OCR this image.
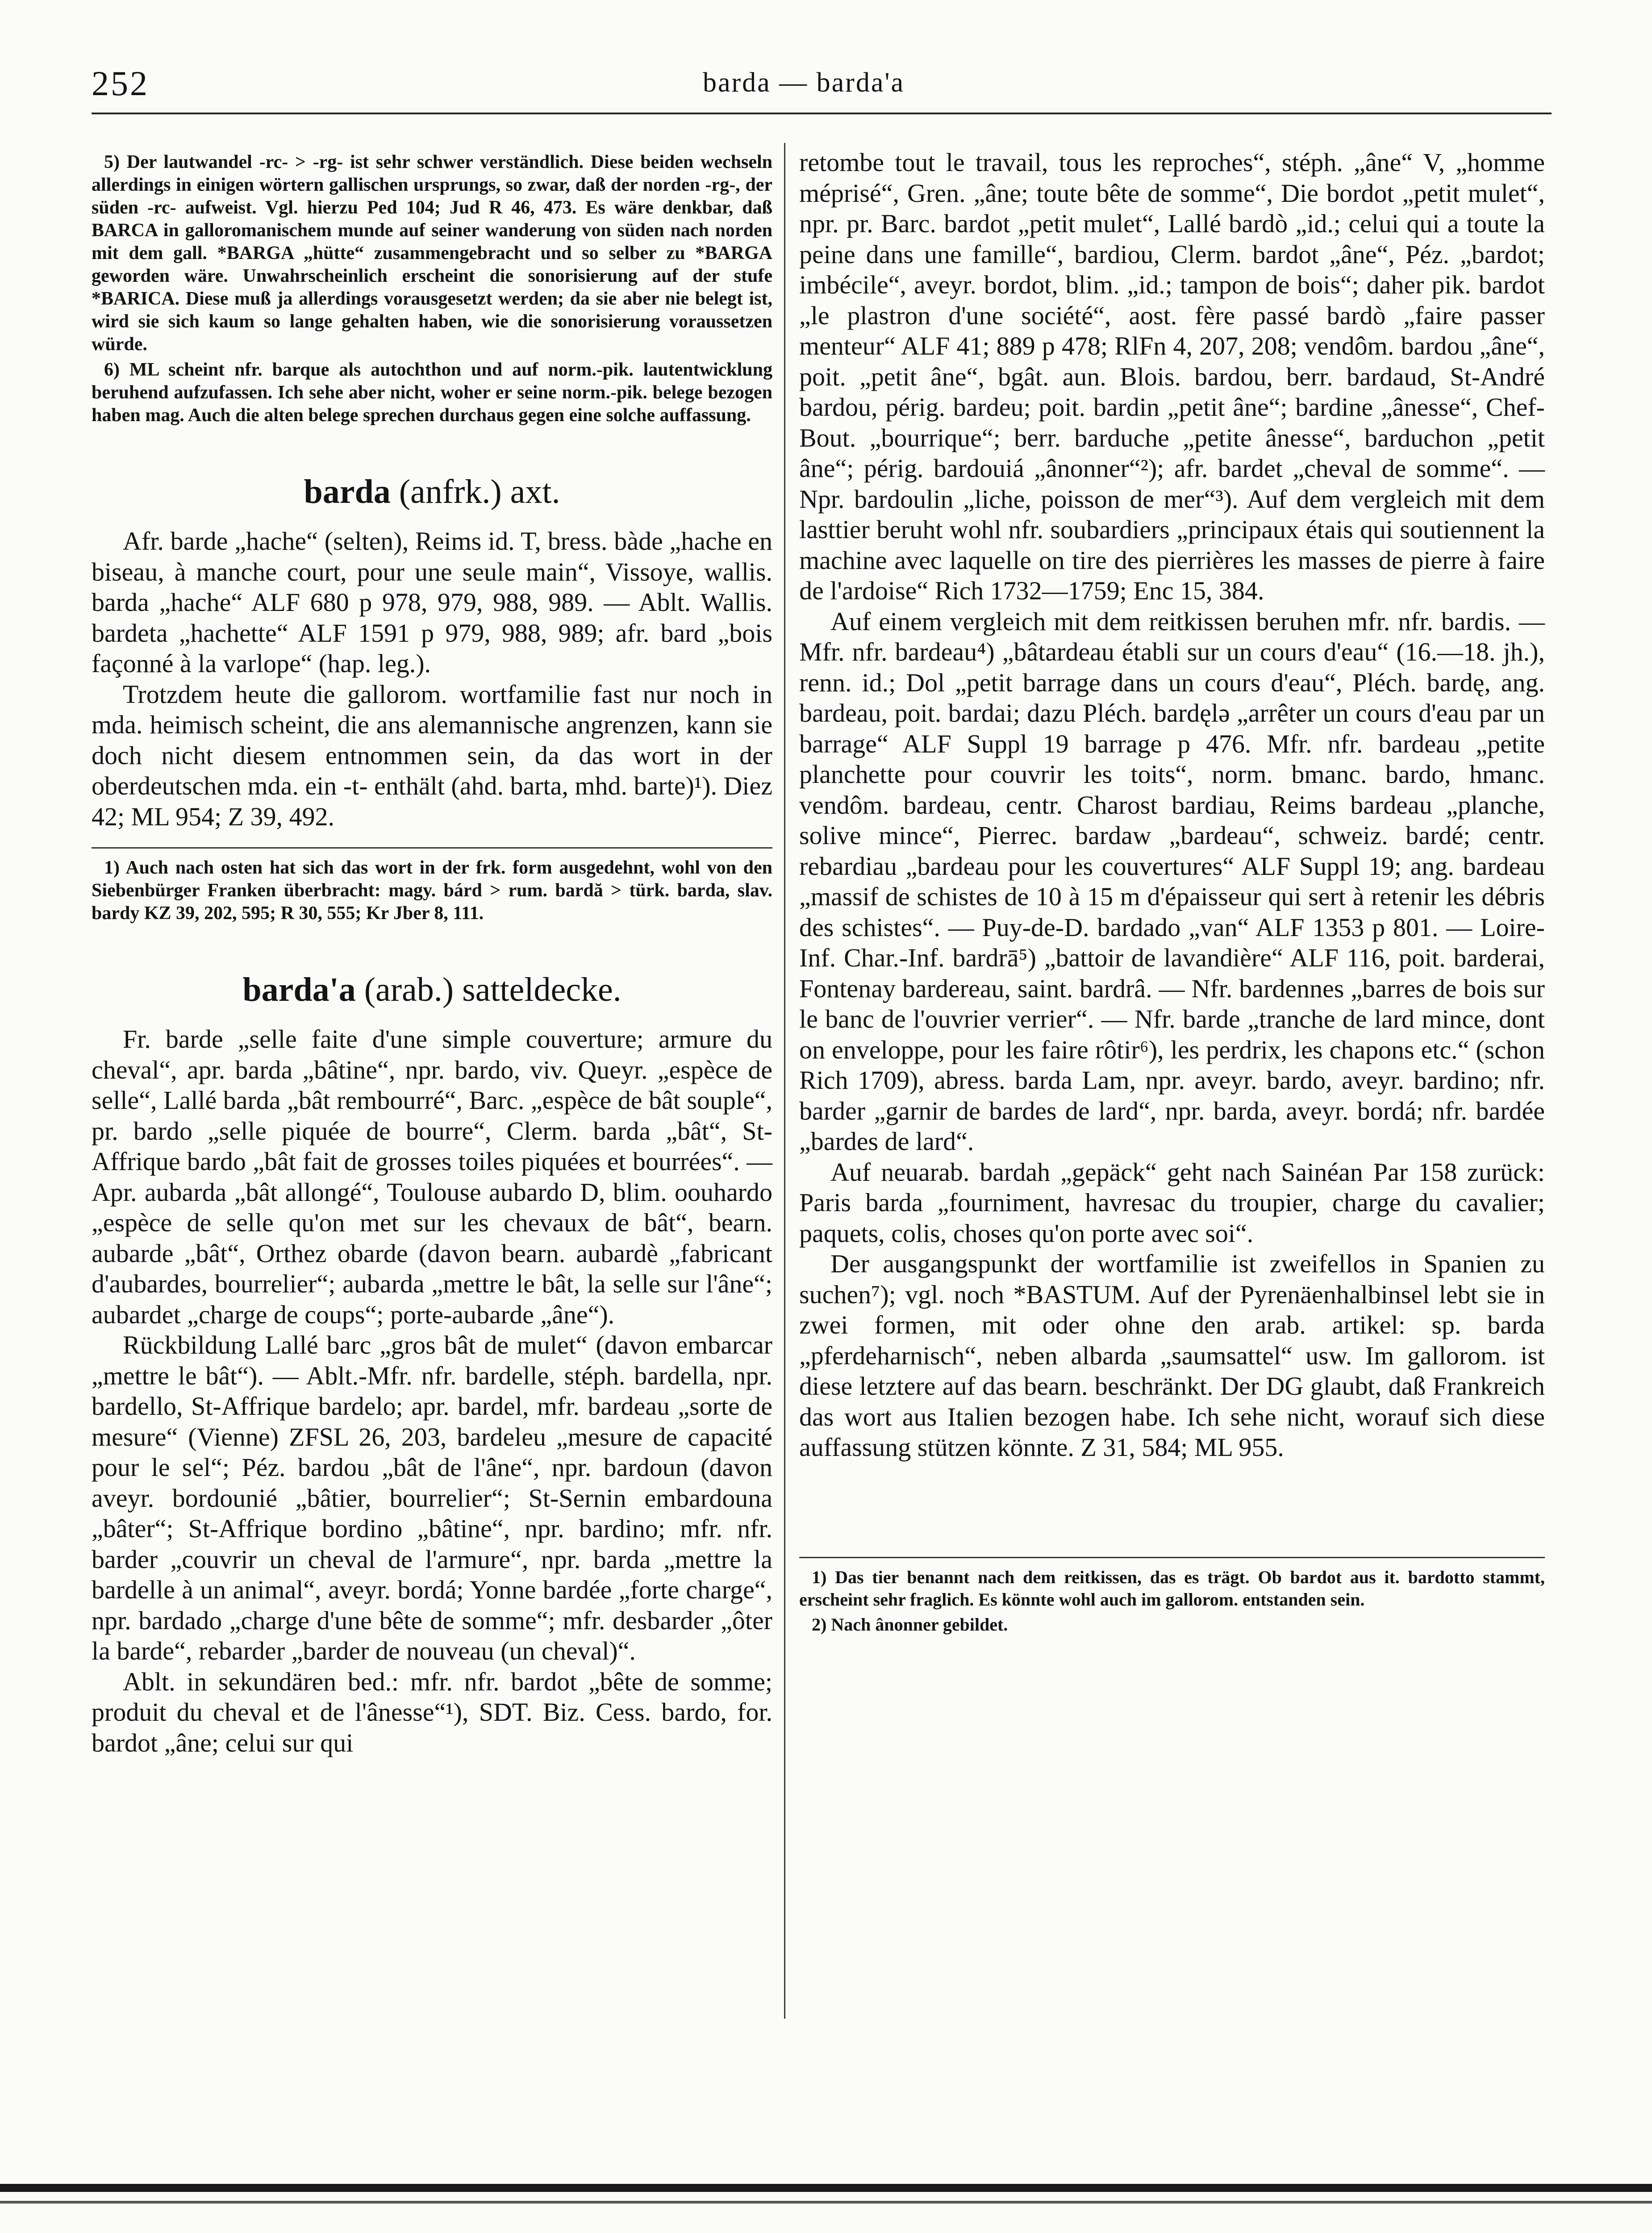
252	barda — barda'a

5) Der lautwandel -rc- > -rg- ist sehr schwer verständlich. Diese beiden wechseln allerdings in einigen wörtern gallischen ursprungs, so zwar, daß der norden -rg-, der süden -rc- aufweist. Vgl. hierzu Ped 104; Jud R 46, 473. Es wäre denkbar, daß BARCA in galloromanischem munde auf seiner wanderung von süden nach norden mit dem gall. *BARGA „hütte“ zusammengebracht und so selber zu *BARGA geworden wäre. Unwahrscheinlich erscheint die sonorisierung auf der stufe *BARICA. Diese muß ja allerdings vorausgesetzt werden; da sie aber nie belegt ist, wird sie sich kaum so lange gehalten haben, wie die sonorisierung voraussetzen würde.

6) ML scheint nfr. barque als autochthon und auf norm.-pik. lautentwicklung beruhend aufzufassen. Ich sehe aber nicht, woher er seine norm.-pik. belege bezogen haben mag. Auch die alten belege sprechen durchaus gegen eine solche auffassung.

barda (anfrk.) axt.

Afr. barde „hache“ (selten), Reims id. T, bress. bàde „hache en biseau, à manche court, pour une seule main“, Vissoye, wallis. barda „hache“ ALF 680 p 978, 979, 988, 989. — Ablt. Wallis. bardeta „hachette“ ALF 1591 p 979, 988, 989; afr. bard „bois façonné à la varlope“ (hap. leg.).

Trotzdem heute die gallorom. wortfamilie fast nur noch in mda. heimisch scheint, die ans alemannische angrenzen, kann sie doch nicht diesem entnommen sein, da das wort in der oberdeutschen mda. ein -t- enthält (ahd. barta, mhd. barte)¹). Diez 42; ML 954; Z 39, 492.

1) Auch nach osten hat sich das wort in der frk. form ausgedehnt, wohl von den Siebenbürger Franken überbracht: magy. bárd > rum. bardă > türk. barda, slav. bardy KZ 39, 202, 595; R 30, 555; Kr Jber 8, 111.

barda'a (arab.) satteldecke.

Fr. barde „selle faite d'une simple couverture; armure du cheval“, apr. barda „bâtine“, npr. bardo, viv. Queyr. „espèce de selle“, Lallé barda „bât rembourré“, Barc. „espèce de bât souple“, pr. bardo „selle piquée de bourre“, Clerm. barda „bât“, St-Affrique bardo „bât fait de grosses toiles piquées et bourrées“. — Apr. aubarda „bât allongé“, Toulouse aubardo D, blim. oouhardo „espèce de selle qu'on met sur les chevaux de bât“, bearn. aubarde „bât“, Orthez obarde (davon bearn. aubardè „fabricant d'aubardes, bourrelier“; aubarda „mettre le bât, la selle sur l'âne“; aubardet „charge de coups“; porte-aubarde „âne“).

Rückbildung Lallé barc „gros bât de mulet“ (davon embarcar „mettre le bât“). — Ablt.-Mfr. nfr. bardelle, stéph. bardella, npr. bardello, St-Affrique bardelo; apr. bardel, mfr. bardeau „sorte de mesure“ (Vienne) ZFSL 26, 203, bardeleu „mesure de capacité pour le sel“; Péz. bardou „bât de l'âne“, npr. bardoun (davon aveyr. bordounié „bâtier, bourrelier“; St-Sernin embardouna „bâter“; St-Affrique bordino „bâtine“, npr. bardino; mfr. nfr. barder „couvrir un cheval de l'armure“, npr. barda „mettre la bardelle à un animal“, aveyr. bordá; Yonne bardée „forte charge“, npr. bardado „charge d'une bête de somme“; mfr. desbarder „ôter la barde“, rebarder „barder de nouveau (un cheval)“.

Ablt. in sekundären bed.: mfr. nfr. bardot „bête de somme; produit du cheval et de l'ânesse“¹), SDT. Biz. Cess. bardo, for. bardot „âne; celui sur qui

retombe tout le travail, tous les reproches“, stéph. „âne“ V, „homme méprisé“, Gren. „âne; toute bête de somme“, Die bordot „petit mulet“, npr. pr. Barc. bardot „petit mulet“, Lallé bardò „id.; celui qui a toute la peine dans une famille“, bardiou, Clerm. bardot „âne“, Péz. „bardot; imbécile“, aveyr. bordot, blim. „id.; tampon de bois“; daher pik. bardot „le plastron d'une société“, aost. fère passé bardò „faire passer menteur“ ALF 41; 889 p 478; RlFn 4, 207, 208; vendôm. bardou „âne“, poit. „petit âne“, bgât. aun. Blois. bardou, berr. bardaud, St-André bardou, périg. bardeu; poit. bardin „petit âne“; bardine „ânesse“, Chef-Bout. „bourrique“; berr. barduche „petite ânesse“, barduchon „petit âne“; périg. bardouiá „ânonner“²); afr. bardet „cheval de somme“. — Npr. bardoulin „liche, poisson de mer“³). Auf dem vergleich mit dem lasttier beruht wohl nfr. soubardiers „principaux étais qui soutiennent la machine avec laquelle on tire des pierrières les masses de pierre à faire de l'ardoise“ Rich 1732—1759; Enc 15, 384.

Auf einem vergleich mit dem reitkissen beruhen mfr. nfr. bardis. — Mfr. nfr. bardeau⁴) „bâtardeau établi sur un cours d'eau“ (16.—18. jh.), renn. id.; Dol „petit barrage dans un cours d'eau“, Pléch. bardę, ang. bardeau, poit. bardai; dazu Pléch. bardęlə „arrêter un cours d'eau par un barrage“ ALF Suppl 19 barrage p 476. Mfr. nfr. bardeau „petite planchette pour couvrir les toits“, norm. bmanc. bardo, hmanc. vendôm. bardeau, centr. Charost bardiau, Reims bardeau „planche, solive mince“, Pierrec. bardaw „bardeau“, schweiz. bardé; centr. rebardiau „bardeau pour les couvertures“ ALF Suppl 19; ang. bardeau „massif de schistes de 10 à 15 m d'épaisseur qui sert à retenir les débris des schistes“. — Puy-de-D. bardado „van“ ALF 1353 p 801. — Loire-Inf. Char.-Inf. bardrā⁵) „battoir de lavandière“ ALF 116, poit. barderai, Fontenay bardereau, saint. bardrâ. — Nfr. bardennes „barres de bois sur le banc de l'ouvrier verrier“. — Nfr. barde „tranche de lard mince, dont on enveloppe, pour les faire rôtir⁶), les perdrix, les chapons etc.“ (schon Rich 1709), abress. barda Lam, npr. aveyr. bardo, aveyr. bardino; nfr. barder „garnir de bardes de lard“, npr. barda, aveyr. bordá; nfr. bardée „bardes de lard“.

Auf neuarab. bardah „gepäck“ geht nach Sainéan Par 158 zurück: Paris barda „fourniment, havresac du troupier, charge du cavalier; paquets, colis, choses qu'on porte avec soi“.

Der ausgangspunkt der wortfamilie ist zweifellos in Spanien zu suchen⁷); vgl. noch *BASTUM. Auf der Pyrenäenhalbinsel lebt sie in zwei formen, mit oder ohne den arab. artikel: sp. barda „pferdeharnisch“, neben albarda „saumsattel“ usw. Im gallorom. ist diese letztere auf das bearn. beschränkt. Der DG glaubt, daß Frankreich das wort aus Italien bezogen habe. Ich sehe nicht, worauf sich diese auffassung stützen könnte. Z 31, 584; ML 955.

1) Das tier benannt nach dem reitkissen, das es trägt. Ob bardot aus it. bardotto stammt, erscheint sehr fraglich. Es könnte wohl auch im gallorom. entstanden sein.

2) Nach ânonner gebildet.
